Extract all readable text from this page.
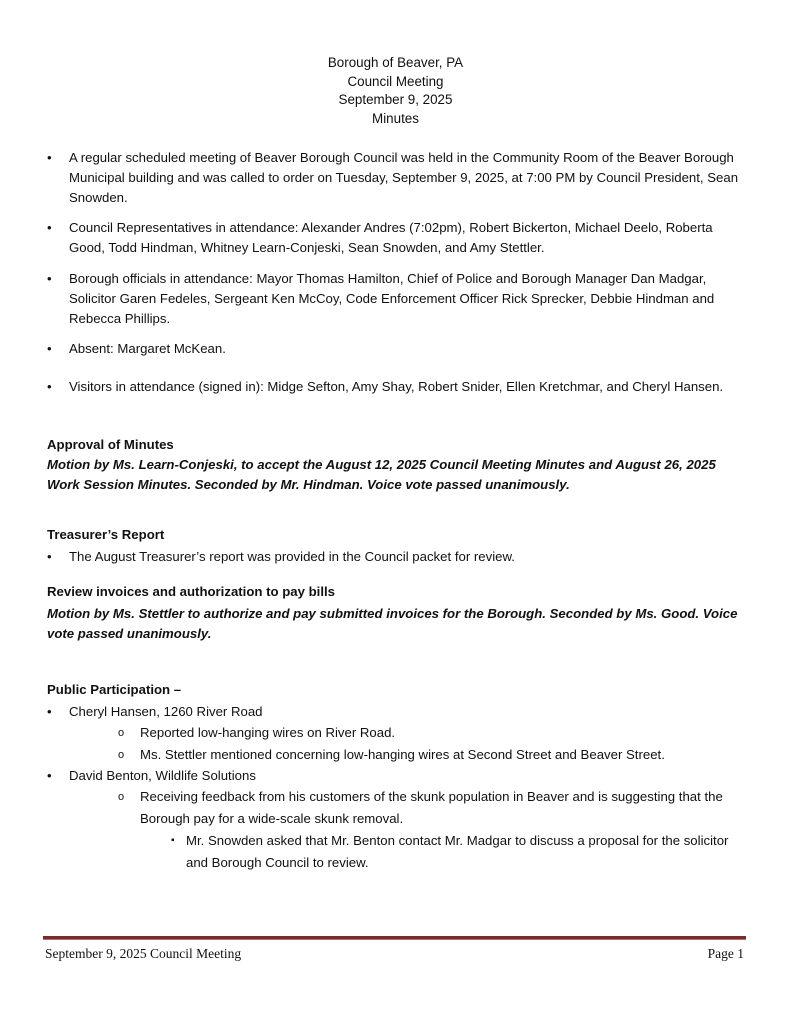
Borough of Beaver, PA
Council Meeting
September 9, 2025
Minutes
• A regular scheduled meeting of Beaver Borough Council was held in the Community Room of the Beaver Borough Municipal building and was called to order on Tuesday, September 9, 2025, at 7:00 PM by Council President, Sean Snowden.
• Council Representatives in attendance: Alexander Andres (7:02pm), Robert Bickerton, Michael Deelo, Roberta Good, Todd Hindman, Whitney Learn-Conjeski, Sean Snowden, and Amy Stettler.
• Borough officials in attendance: Mayor Thomas Hamilton, Chief of Police and Borough Manager Dan Madgar, Solicitor Garen Fedeles, Sergeant Ken McCoy, Code Enforcement Officer Rick Sprecker, Debbie Hindman and Rebecca Phillips.
• Absent: Margaret McKean.
• Visitors in attendance (signed in): Midge Sefton, Amy Shay, Robert Snider, Ellen Kretchmar, and Cheryl Hansen.
Approval of Minutes
Motion by Ms. Learn-Conjeski, to accept the August 12, 2025 Council Meeting Minutes and August 26, 2025 Work Session Minutes. Seconded by Mr. Hindman. Voice vote passed unanimously.
Treasurer’s Report
• The August Treasurer’s report was provided in the Council packet for review.
Review invoices and authorization to pay bills
Motion by Ms. Stettler to authorize and pay submitted invoices for the Borough. Seconded by Ms. Good. Voice vote passed unanimously.
Public Participation –
• Cheryl Hansen, 1260 River Road
o Reported low-hanging wires on River Road.
o Ms. Stettler mentioned concerning low-hanging wires at Second Street and Beaver Street.
• David Benton, Wildlife Solutions
o Receiving feedback from his customers of the skunk population in Beaver and is suggesting that the Borough pay for a wide-scale skunk removal.
▪ Mr. Snowden asked that Mr. Benton contact Mr. Madgar to discuss a proposal for the solicitor and Borough Council to review.
September 9, 2025 Council Meeting	Page 1
